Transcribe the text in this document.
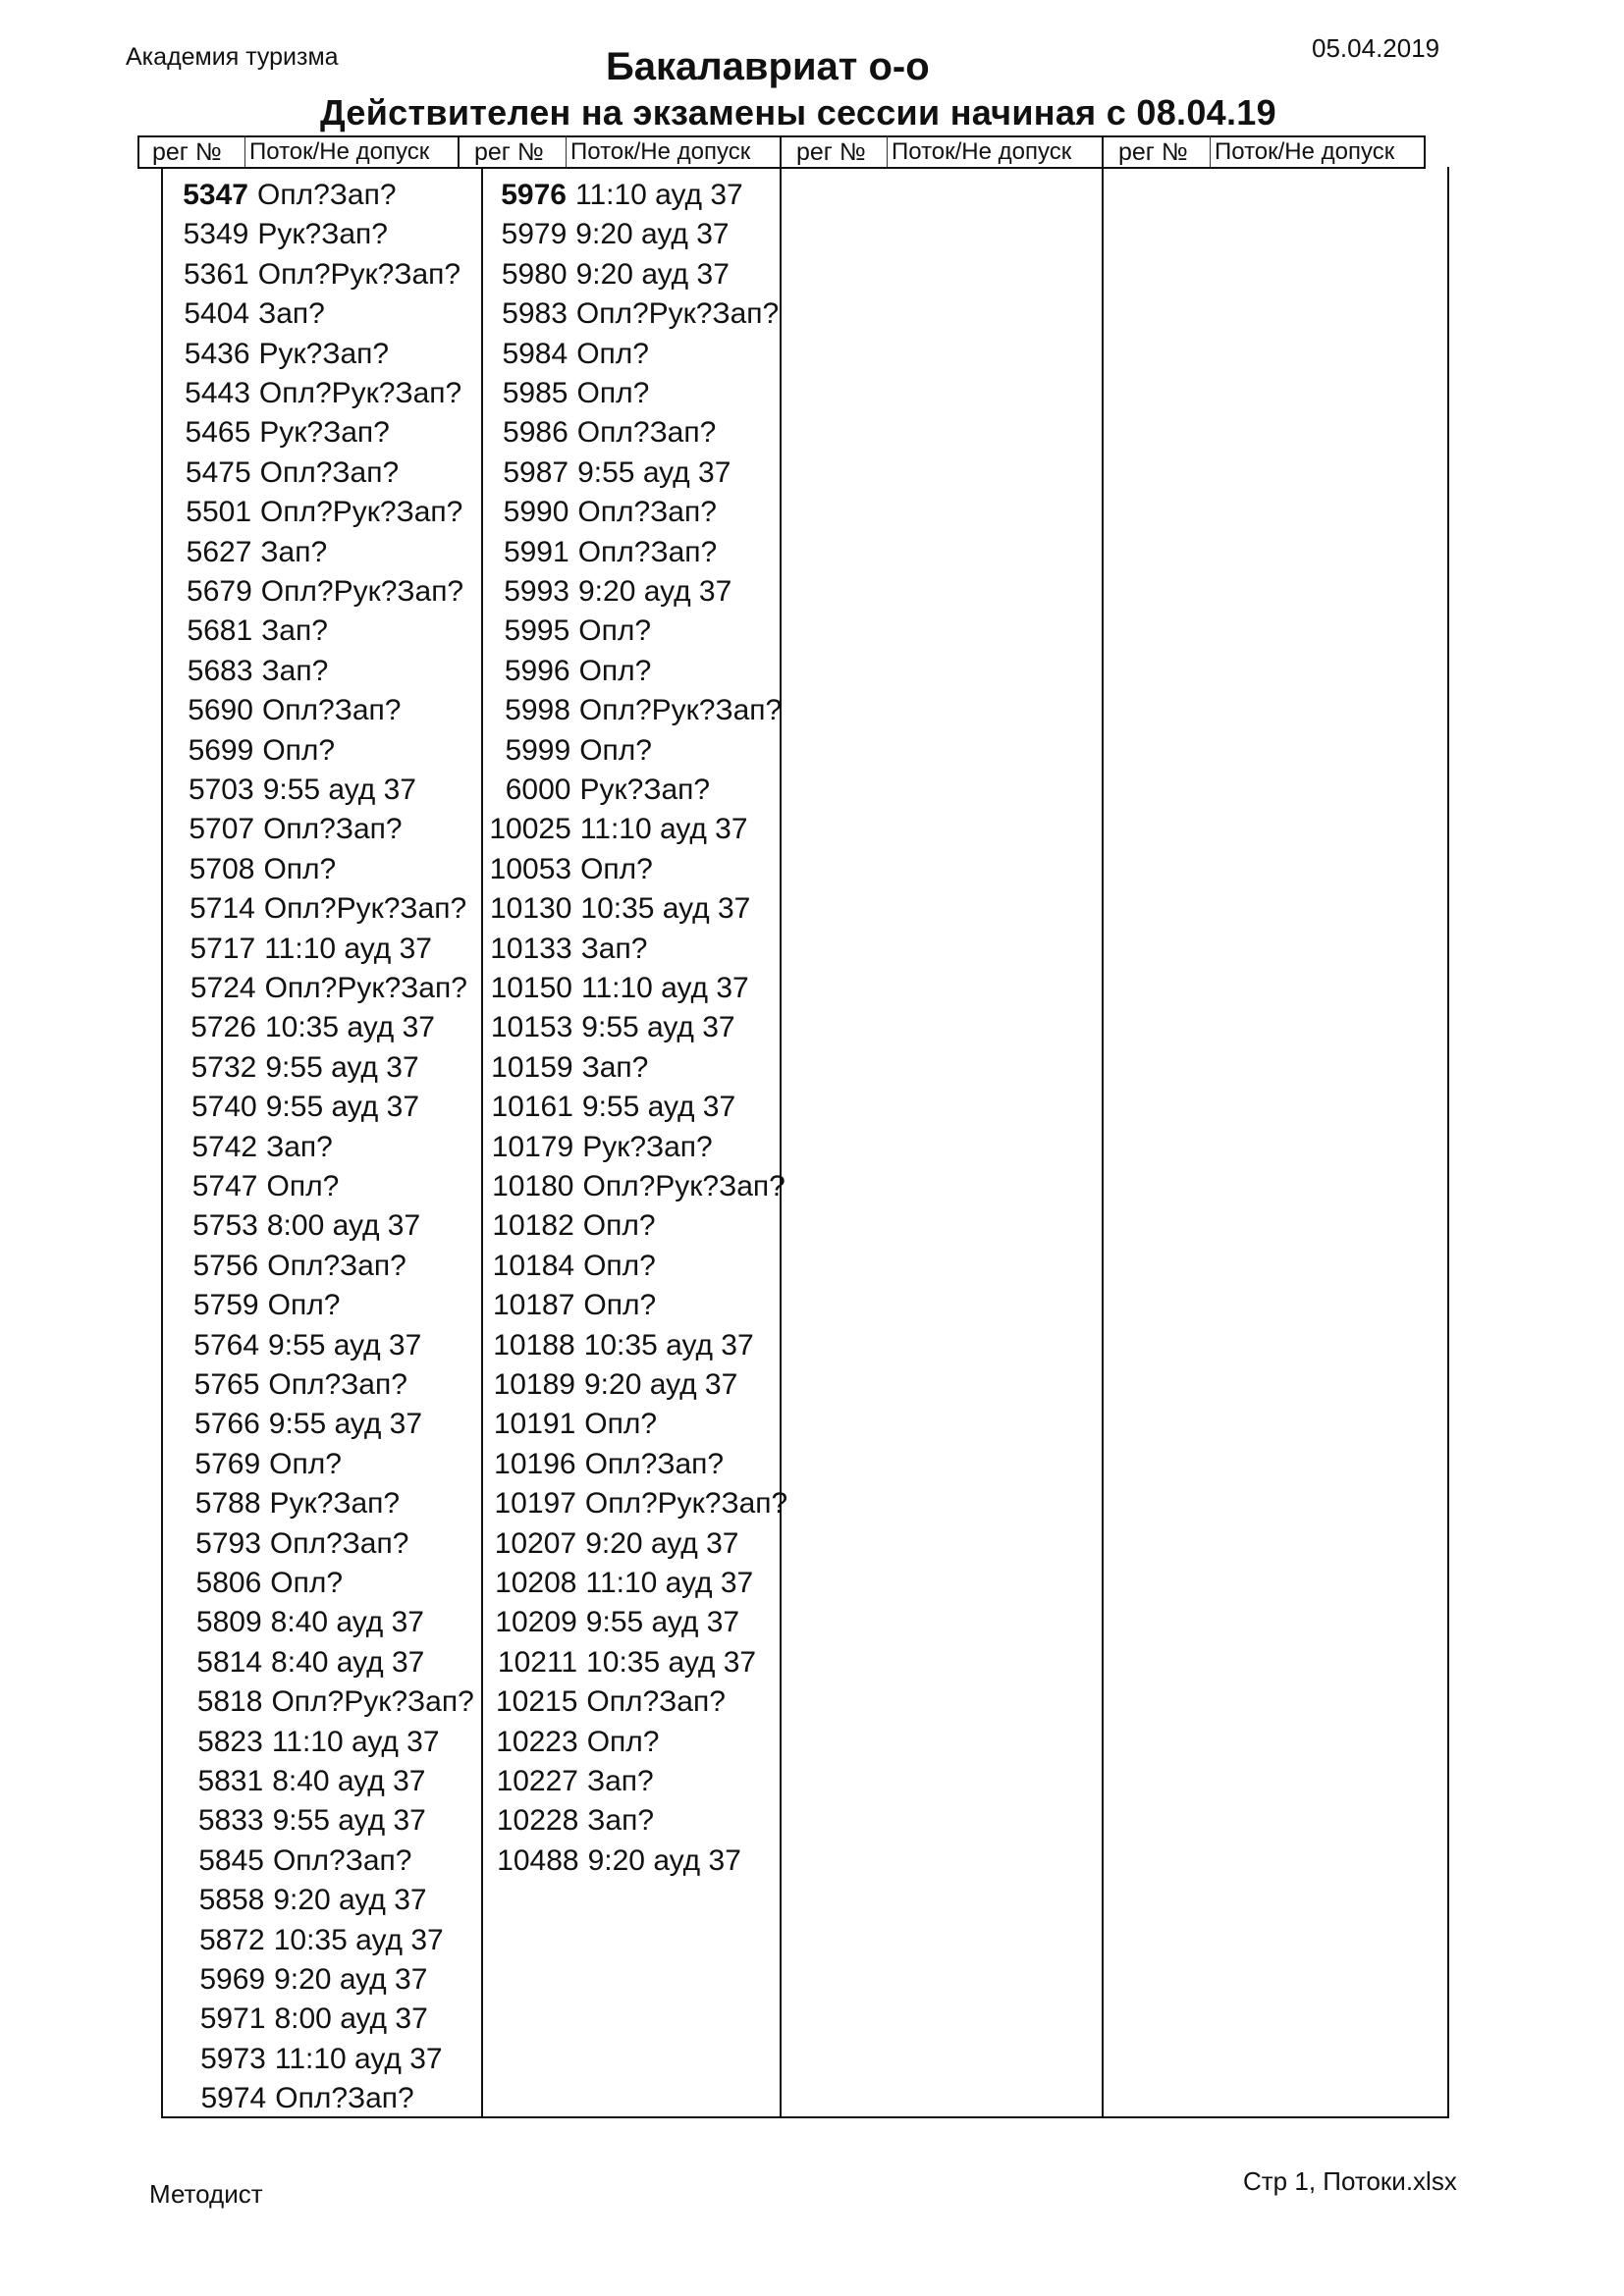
Академия туризма	05.04.2019
Бакалавриат о-о
Действителен на экзамены сессии начиная с 08.04.19
рег № Поток/Не допуск рег № Поток/Не допуск рег № Поток/Не допуск рег № Поток/Не допуск
5347 Опл?Зап?
5349 Рук?Зап?
5361 Опл?Рук?Зап?
5404 Зап?
5436 Рук?Зап?
5443 Опл?Рук?Зап?
5465 Рук?Зап?
5475 Опл?Зап?
5501 Опл?Рук?Зап?
5627 Зап?
5679 Опл?Рук?Зап?
5681 Зап?
5683 Зап?
5690 Опл?Зап?
5699 Опл?
5703 9:55 ауд 37
5707 Опл?Зап?
5708 Опл?
5714 Опл?Рук?Зап?
5717 11:10 ауд 37
5724 Опл?Рук?Зап?
5726 10:35 ауд 37
5732 9:55 ауд 37
5740 9:55 ауд 37
5742 Зап?
5747 Опл?
5753 8:00 ауд 37
5756 Опл?Зап?
5759 Опл?
5764 9:55 ауд 37
5765 Опл?Зап?
5766 9:55 ауд 37
5769 Опл?
5788 Рук?Зап?
5793 Опл?Зап?
5806 Опл?
5809 8:40 ауд 37
5814 8:40 ауд 37
5818 Опл?Рук?Зап?
5823 11:10 ауд 37
5831 8:40 ауд 37
5833 9:55 ауд 37
5845 Опл?Зап?
5858 9:20 ауд 37
5872 10:35 ауд 37
5969 9:20 ауд 37
5971 8:00 ауд 37
5973 11:10 ауд 37
5974 Опл?Зап?
5976 11:10 ауд 37
5979 9:20 ауд 37
5980 9:20 ауд 37
5983 Опл?Рук?Зап?
5984 Опл?
5985 Опл?
5986 Опл?Зап?
5987 9:55 ауд 37
5990 Опл?Зап?
5991 Опл?Зап?
5993 9:20 ауд 37
5995 Опл?
5996 Опл?
5998 Опл?Рук?Зап?
5999 Опл?
6000 Рук?Зап?
10025 11:10 ауд 37
10053 Опл?
10130 10:35 ауд 37
10133 Зап?
10150 11:10 ауд 37
10153 9:55 ауд 37
10159 Зап?
10161 9:55 ауд 37
10179 Рук?Зап?
10180 Опл?Рук?Зап?
10182 Опл?
10184 Опл?
10187 Опл?
10188 10:35 ауд 37
10189 9:20 ауд 37
10191 Опл?
10196 Опл?Зап?
10197 Опл?Рук?Зап?
10207 9:20 ауд 37
10208 11:10 ауд 37
10209 9:55 ауд 37
10211 10:35 ауд 37
10215 Опл?Зап?
10223 Опл?
10227 Зап?
10228 Зап?
10488 9:20 ауд 37
Методист	Стр 1, Потоки.xlsx
